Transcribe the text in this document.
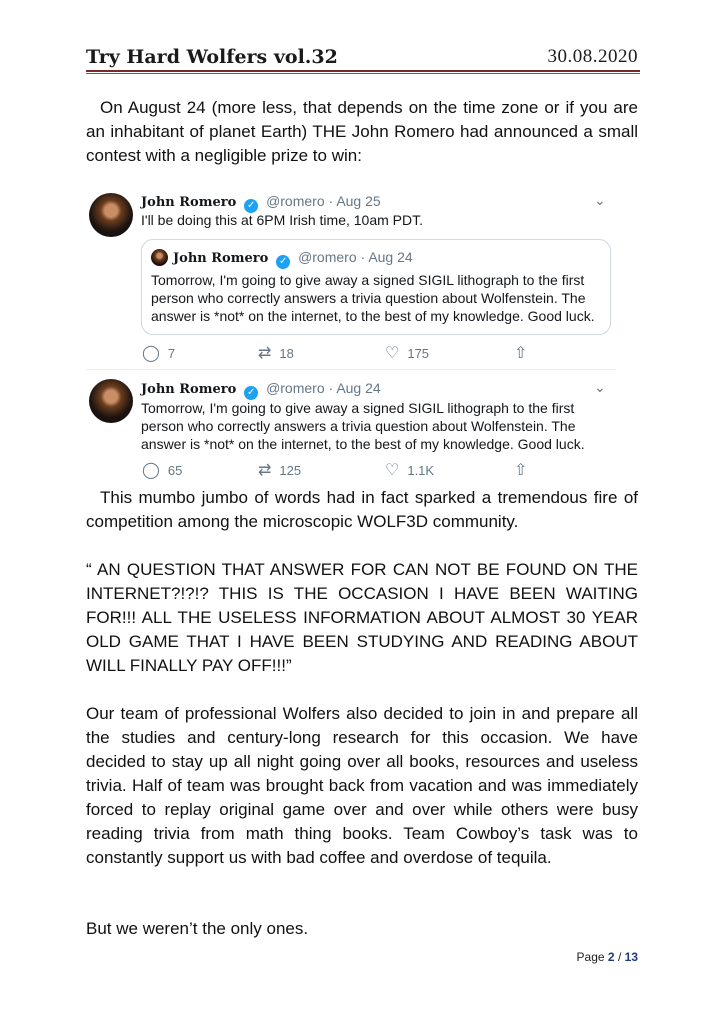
Try Hard Wolfers vol.32	30.08.2020

On August 24 (more less, that depends on the time zone or if you are an inhabitant of planet Earth) THE John Romero had announced a small contest with a negligible prize to win:

John Romero ✓ @romero · Aug 25	⌄
I'll be doing this at 6PM Irish time, 10am PDT.
John Romero ✓ @romero · Aug 24
Tomorrow, I'm going to give away a signed SIGIL lithograph to the first
person who correctly answers a trivia question about Wolfenstein. The
answer is *not* on the internet, to the best of my knowledge. Good luck.
◯ 7	⇄ 18	♡ 175	⇧
John Romero ✓ @romero · Aug 24	⌄
Tomorrow, I'm going to give away a signed SIGIL lithograph to the first
person who correctly answers a trivia question about Wolfenstein. The
answer is *not* on the internet, to the best of my knowledge. Good luck.
◯ 65	⇄ 125	♡ 1.1K	⇧

This mumbo jumbo of words had in fact sparked a tremendous fire of competition among the microscopic WOLF3D community.

“ AN QUESTION THAT ANSWER FOR CAN NOT BE FOUND ON THE INTERNET?!?!? THIS IS THE OCCASION I HAVE BEEN WAITING FOR!!! ALL THE USELESS INFORMATION ABOUT ALMOST 30 YEAR OLD GAME THAT I HAVE BEEN STUDYING AND READING ABOUT WILL FINALLY PAY OFF!!!”

Our team of professional Wolfers also decided to join in and prepare all the studies and century-long research for this occasion. We have decided to stay up all night going over all books, resources and useless trivia. Half of team was brought back from vacation and was immediately forced to replay original game over and over while others were busy reading trivia from math thing books. Team Cowboy’s task was to constantly support us with bad coffee and overdose of tequila.

But we weren’t the only ones.

Page 2 / 13
